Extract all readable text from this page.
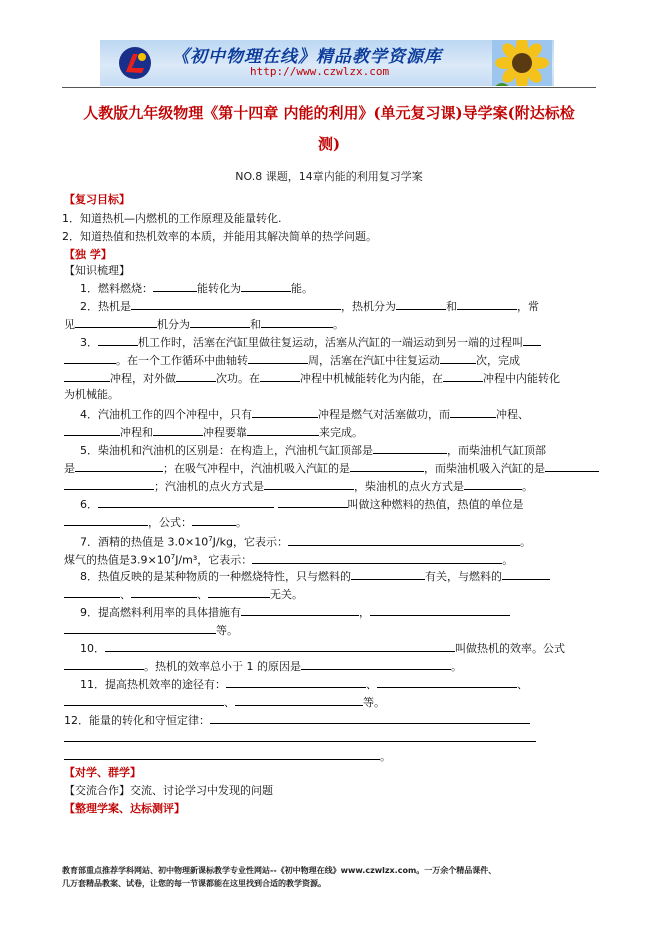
《初中物理在线》精品教学资源库
http://www.czwlzx.com
人教版九年级物理《第十四章 内能的利用》(单元复习课)导学案(附达标检
测)
NO.8 课题，14章内能的利用复习学案
【复习目标】
1．知道热机—内燃机的工作原理及能量转化.
2．知道热值和热机效率的本质，并能用其解决简单的热学问题。
【独 学】
【知识梳理】
1．燃料燃烧：	能转化为	能。
2．热机是	，热机分为	和	，常
见	机分为	和	。
3．	机工作时，活塞在汽缸里做往复运动，活塞从汽缸的一端运动到另一端的过程叫
。在一个工作循环中曲轴转	周，活塞在汽缸中往复运动	次，完成
冲程，对外做	次功。在	冲程中机械能转化为内能，在	冲程中内能转化
为机械能。
4．汽油机工作的四个冲程中，只有	冲程是燃气对活塞做功，而	冲程、
冲程和	冲程要靠	来完成。
5．柴油机和汽油机的区别是：在构造上，汽油机气缸顶部是	，而柴油机气缸顶部
是	；在吸气冲程中，汽油机吸入汽缸的是	，而柴油机吸入汽缸的是
；汽油机的点火方式是	，柴油机的点火方式是	。
6．	叫做这种燃料的热值，热值的单位是
，公式：	。
7．酒精的热值是 $3.0\times 10^7J/kg$，它表示：	。
煤气的热值是$3.9\times 10^7J/m^3$，它表示：	。
8．热值反映的是某种物质的一种燃烧特性，只与燃料的	有关，与燃料的
、	、	无关。
9．提高燃料利用率的具体措施有	，
等。
10．	叫做热机的效率。公式
。热机的效率总小于 1 的原因是	。
11．提高热机效率的途径有：	、	、
、	等。
12．能量的转化和守恒定律：
。
【对学、群学】
【交流合作】交流、讨论学习中发现的问题
【整理学案、达标测评】
教育部重点推荐学科网站、初中物理新课标教学专业性网站--《初中物理在线》www.czwlzx.com。一万余个精品课件、
几万套精品教案、试卷，让您的每一节课都能在这里找到合适的教学资源。
